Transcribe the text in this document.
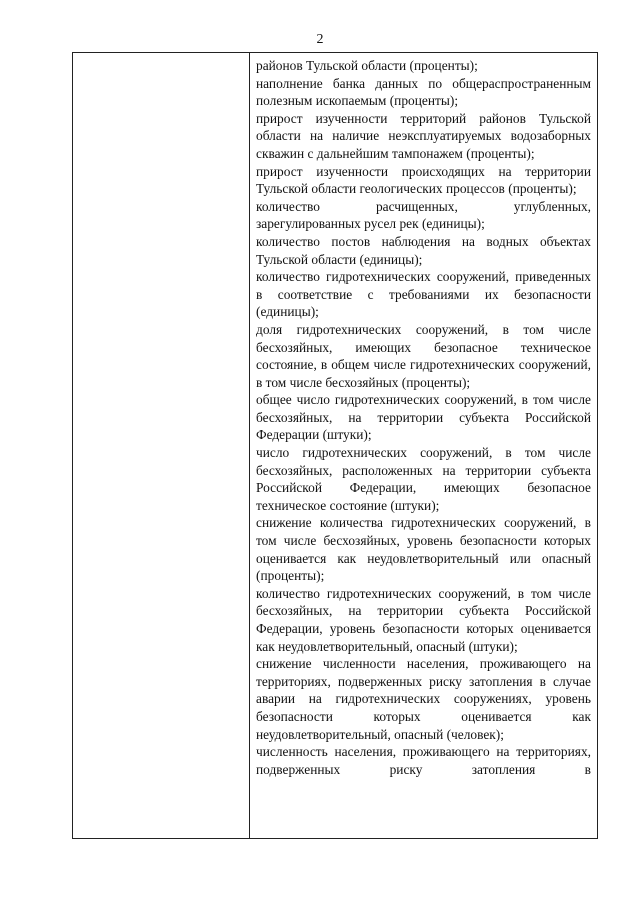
2

районов Тульской области (проценты);

наполнение банка данных по общераспространенным полезным ископаемым (проценты);

прирост изученности территорий районов Тульской области на наличие неэксплуатируемых водозаборных скважин с дальнейшим тампонажем (проценты);

прирост изученности происходящих на территории Тульской области геологических процессов (проценты);

количество расчищенных, углубленных, зарегулированных русел рек (единицы);

количество постов наблюдения на водных объектах Тульской области (единицы);

количество гидротехнических сооружений, приведенных в соответствие с требованиями их безопасности (единицы);

доля гидротехнических сооружений, в том числе бесхозяйных, имеющих безопасное техническое состояние, в общем числе гидротехнических сооружений, в том числе бесхозяйных (проценты);

общее число гидротехнических сооружений, в том числе бесхозяйных, на территории субъекта Российской Федерации (штуки);

число гидротехнических сооружений, в том числе бесхозяйных, расположенных на территории субъекта Российской Федерации, имеющих безопасное техническое состояние (штуки);

снижение количества гидротехнических сооружений, в том числе бесхозяйных, уровень безопасности которых оценивается как неудовлетворительный или опасный (проценты);

количество гидротехнических сооружений, в том числе бесхозяйных, на территории субъекта Российской Федерации, уровень безопасности которых оценивается как неудовлетворительный, опасный (штуки);

снижение численности населения, проживающего на территориях, подверженных риску затопления в случае аварии на гидротехнических сооружениях, уровень безопасности которых оценивается как неудовлетворительный, опасный (человек);

численность населения, проживающего на территориях, подверженных риску затопления в
